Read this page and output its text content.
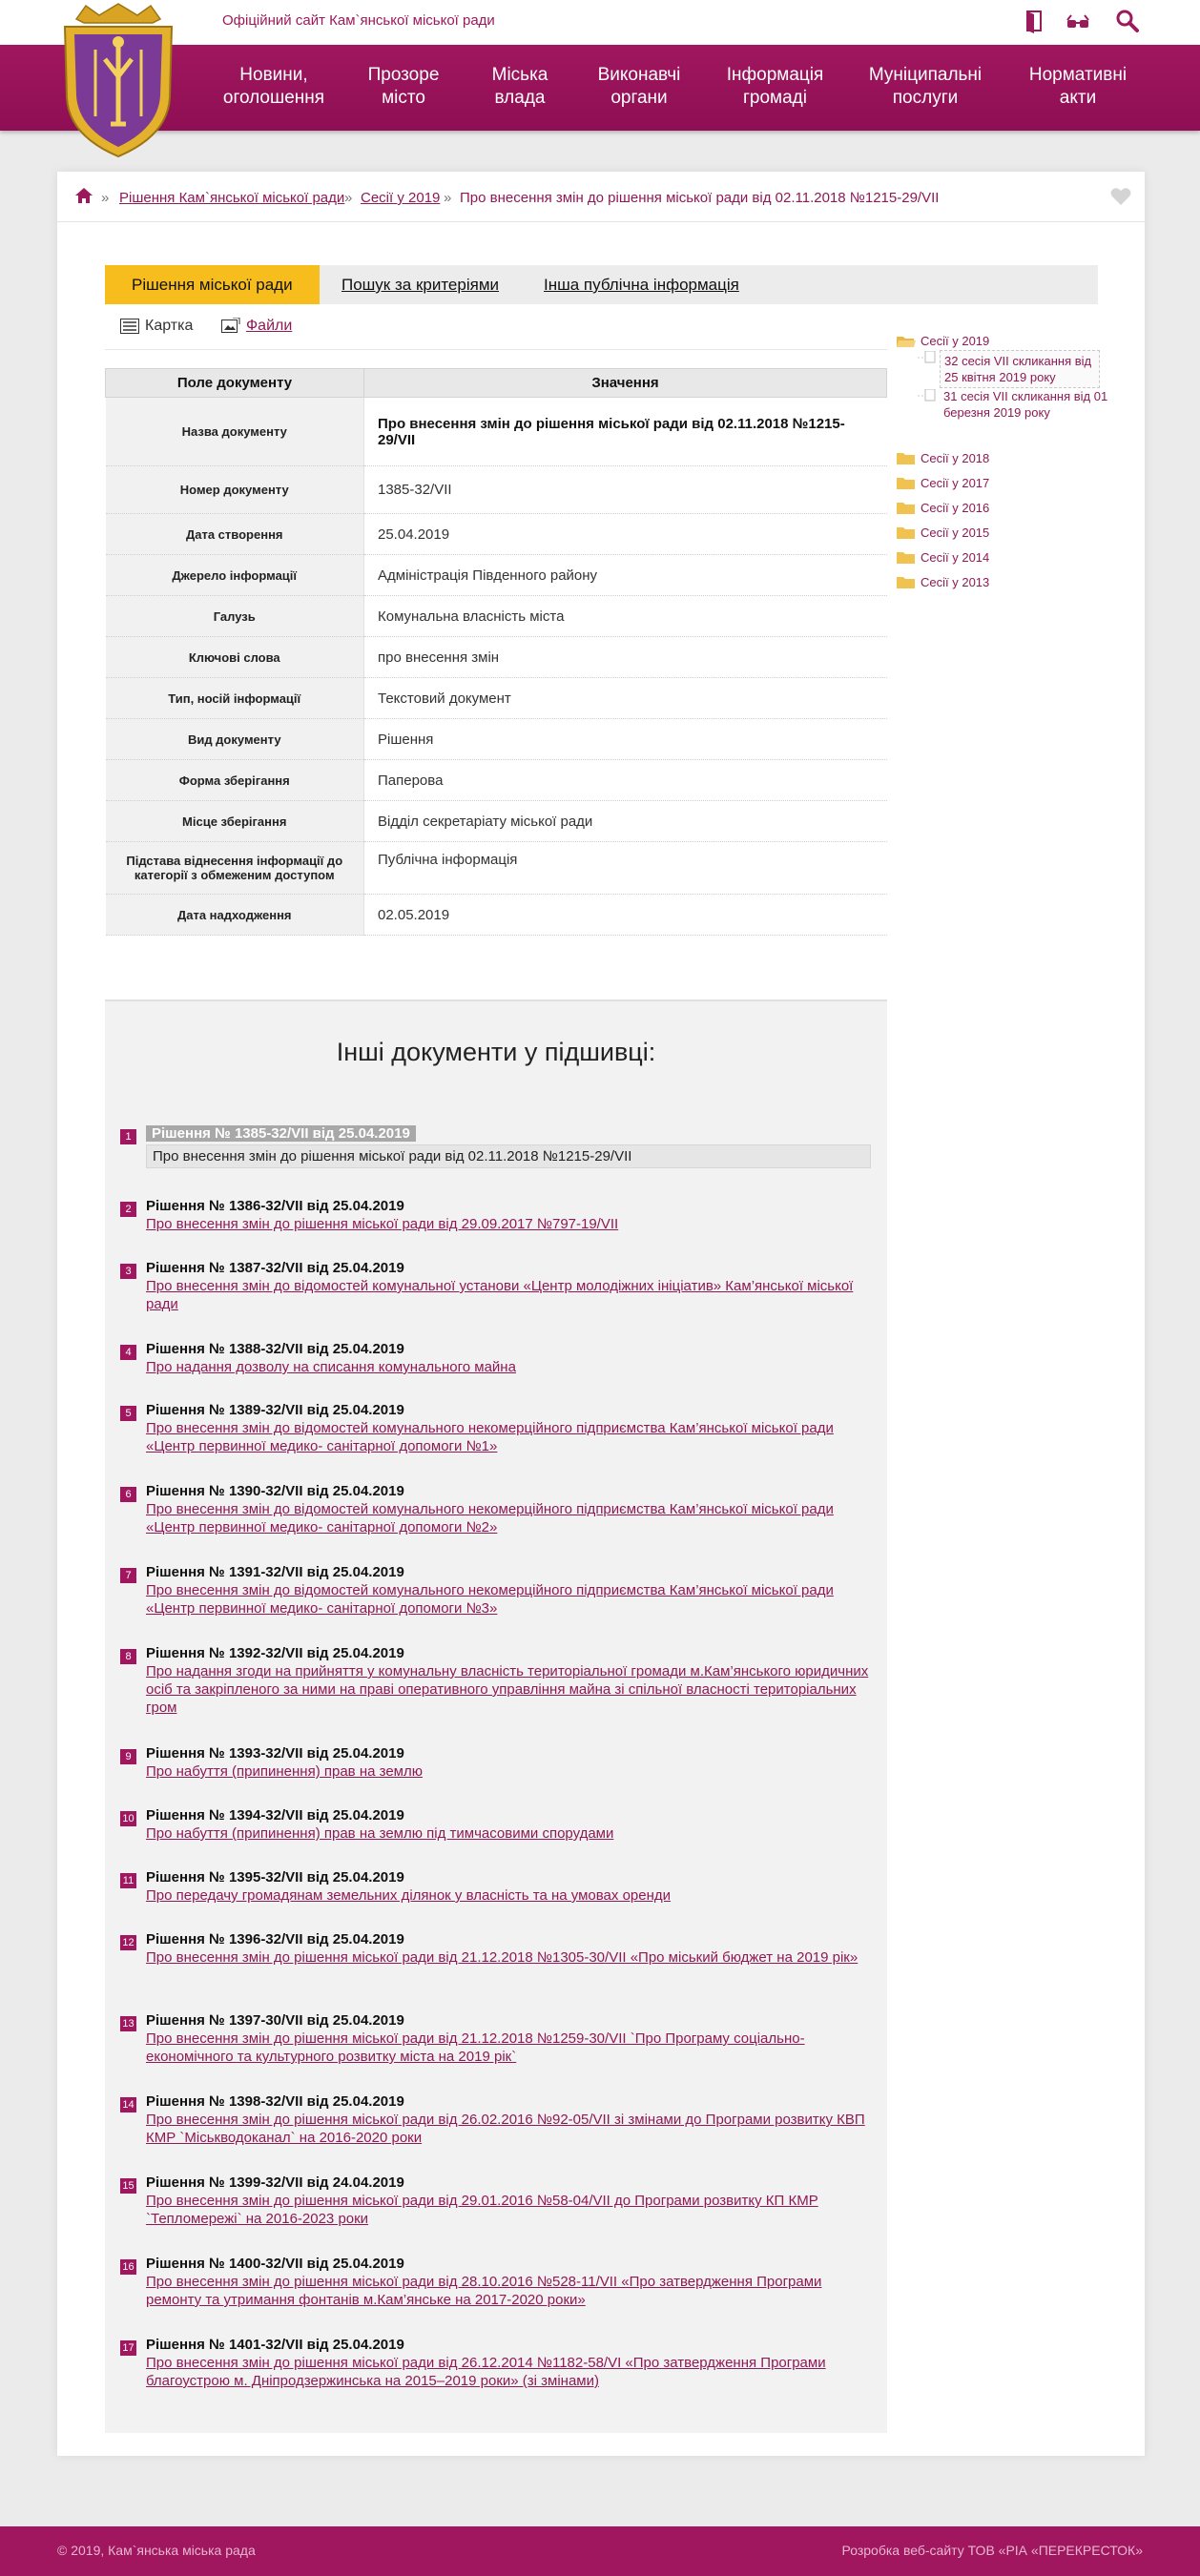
Офіційний сайт Кам`янської міської ради
Новини,
оголошення
Прозоре
місто
Міська
влада
Виконавчі
органи
Інформація
громаді
Муніципальні
послуги
Нормативні
акти
» Рішення Кам`янської міської ради » Сесії у 2019 » Про внесення змін до рішення міської ради від 02.11.2018 №1215-29/VII
Рішення міської ради	Пошук за критеріями	Інша публічна інформація
Картка	Файли
Поле документу	Значення
Назва документу	Про внесення змін до рішення міської ради від 02.11.2018 №1215-29/VII
Номер документу	1385-32/VII
Дата створення	25.04.2019
Джерело інформації	Адміністрація Південного району
Галузь	Комунальна власність міста
Ключові слова	про внесення змін
Тип, носій інформації	Текстовий документ
Вид документу	Рішення
Форма зберігання	Паперова
Місце зберігання	Відділ секретаріату міської ради
Підстава віднесення інформації до категорії з обмеженим доступом	Публічна інформація
Дата надходження	02.05.2019
Сесії у 2019
32 сесія VII скликання від 25 квітня 2019 року
31 сесія VII скликання від 01 березня 2019 року
Сесії у 2018
Сесії у 2017
Сесії у 2016
Сесії у 2015
Сесії у 2014
Сесії у 2013
Інші документи у підшивці:
1	Рішення № 1385-32/VII від 25.04.2019
Про внесення змін до рішення міської ради від 02.11.2018 №1215-29/VII
2	Рішення № 1386-32/VII від 25.04.2019
Про внесення змін до рішення міської ради від 29.09.2017 №797-19/VII
3	Рішення № 1387-32/VII від 25.04.2019
Про внесення змін до відомостей комунальної установи «Центр молодіжних ініціатив» Кам’янської міської ради
4	Рішення № 1388-32/VII від 25.04.2019
Про надання дозволу на списання комунального майна
5	Рішення № 1389-32/VII від 25.04.2019
Про внесення змін до відомостей комунального некомерційного підприємства Кам’янської міської ради «Центр первинної медико- санітарної допомоги №1»
6	Рішення № 1390-32/VII від 25.04.2019
Про внесення змін до відомостей комунального некомерційного підприємства Кам’янської міської ради «Центр первинної медико- санітарної допомоги №2»
7	Рішення № 1391-32/VII від 25.04.2019
Про внесення змін до відомостей комунального некомерційного підприємства Кам’янської міської ради «Центр первинної медико- санітарної допомоги №3»
8	Рішення № 1392-32/VII від 25.04.2019
Про надання згоди на прийняття у комунальну власність територіальної громади м.Кам’янського юридичних осіб та закріпленого за ними на праві оперативного управління майна зі спільної власності територіальних гром
9	Рішення № 1393-32/VII від 25.04.2019
Про набуття (припинення) прав на землю
10 Рішення № 1394-32/VII від 25.04.2019
Про набуття (припинення) прав на землю під тимчасовими спорудами
11 Рішення № 1395-32/VII від 25.04.2019
Про передачу громадянам земельних ділянок у власність та на умовах оренди
12 Рішення № 1396-32/VII від 25.04.2019
Про внесення змін до рішення міської ради від 21.12.2018 №1305-30/VII «Про міський бюджет на 2019 рік»
13 Рішення № 1397-30/VII від 25.04.2019
Про внесення змін до рішення міської ради від 21.12.2018 №1259-30/VII `Про Програму соціально-економічного та культурного розвитку міста на 2019 рік`
14 Рішення № 1398-32/VII від 25.04.2019
Про внесення змін до рішення міської ради від 26.02.2016 №92-05/VII зі змінами до Програми розвитку КВП КМР `Міськводоканал` на 2016-2020 роки
15 Рішення № 1399-32/VII від 24.04.2019
Про внесення змін до рішення міської ради від 29.01.2016 №58-04/VII до Програми розвитку КП КМР `Тепломережі` на 2016-2023 роки
16 Рішення № 1400-32/VII від 25.04.2019
Про внесення змін до рішення міської ради від 28.10.2016 №528-11/VII «Про затвердження Програми ремонту та утримання фонтанів м.Кам’янське на 2017-2020 роки»
17 Рішення № 1401-32/VII від 25.04.2019
Про внесення змін до рішення міської ради від 26.12.2014 №1182-58/VI «Про затвердження Програми благоустрою м. Дніпродзержинська на 2015–2019 роки» (зі змінами)
© 2019, Кам`янська міська рада	Розробка веб-сайту ТОВ «РІА «ПЕРЕКРЕСТОК»
